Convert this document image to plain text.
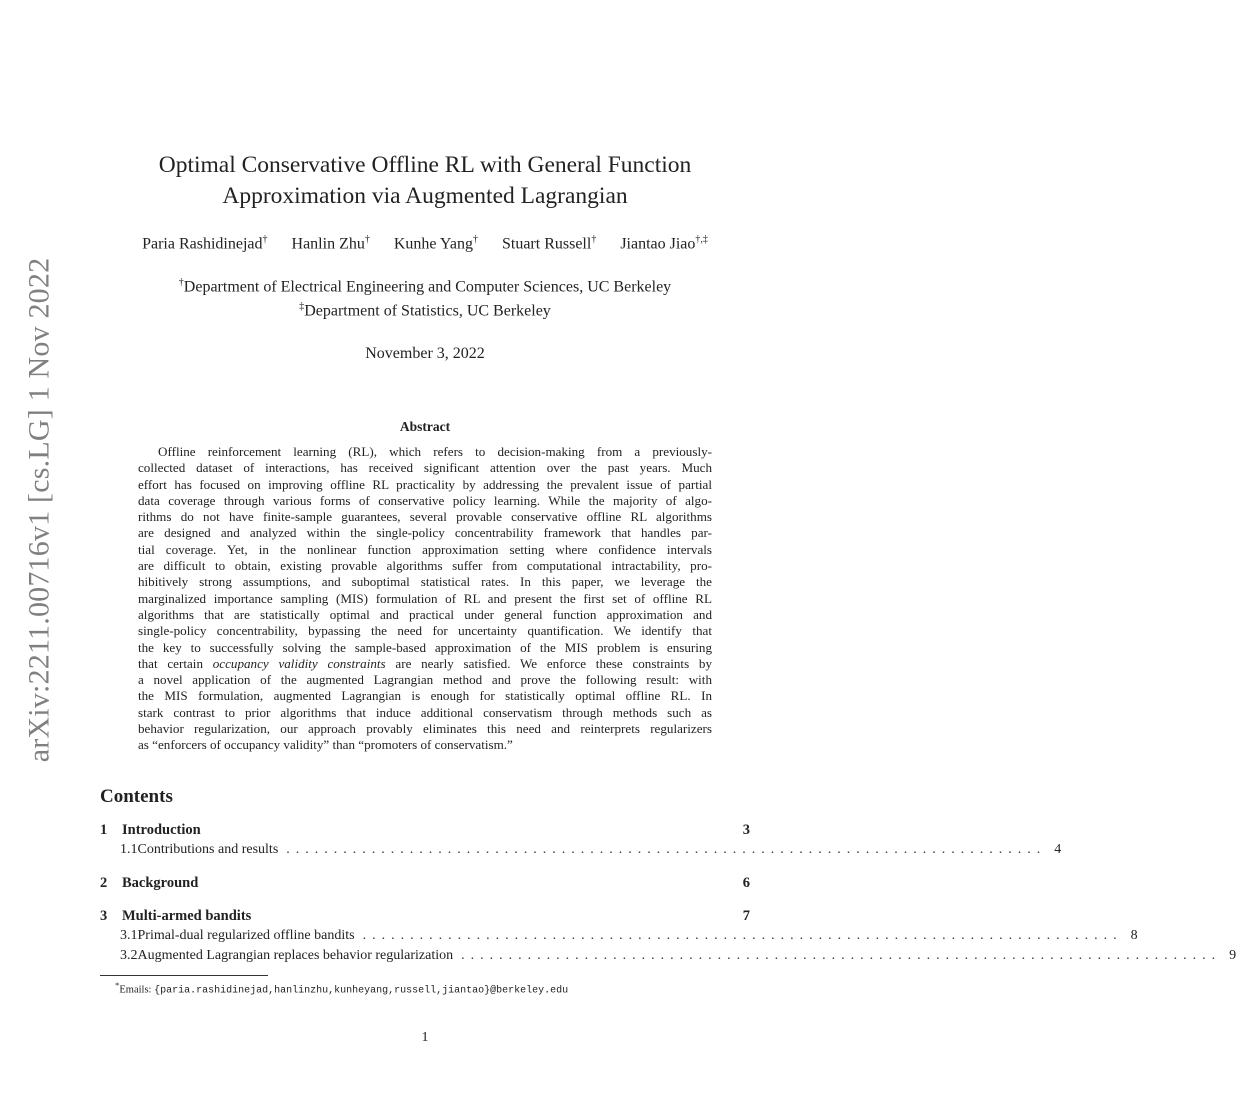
arXiv:2211.00716v1 [cs.LG] 1 Nov 2022
Optimal Conservative Offline RL with General Function
Approximation via Augmented Lagrangian
Paria Rashidinejad† Hanlin Zhu† Kunhe Yang† Stuart Russell† Jiantao Jiao†,‡
†Department of Electrical Engineering and Computer Sciences, UC Berkeley
‡Department of Statistics, UC Berkeley
November 3, 2022
Abstract
Offline reinforcement learning (RL), which refers to decision-making from a previously-
collected dataset of interactions, has received significant attention over the past years. Much
effort has focused on improving offline RL practicality by addressing the prevalent issue of partial
data coverage through various forms of conservative policy learning. While the majority of algo-
rithms do not have finite-sample guarantees, several provable conservative offline RL algorithms
are designed and analyzed within the single-policy concentrability framework that handles par-
tial coverage. Yet, in the nonlinear function approximation setting where confidence intervals
are difficult to obtain, existing provable algorithms suffer from computational intractability, pro-
hibitively strong assumptions, and suboptimal statistical rates. In this paper, we leverage the
marginalized importance sampling (MIS) formulation of RL and present the first set of offline RL
algorithms that are statistically optimal and practical under general function approximation and
single-policy concentrability, bypassing the need for uncertainty quantification. We identify that
the key to successfully solving the sample-based approximation of the MIS problem is ensuring
that certain occupancy validity constraints are nearly satisfied. We enforce these constraints by
a novel application of the augmented Lagrangian method and prove the following result: with
the MIS formulation, augmented Lagrangian is enough for statistically optimal offline RL. In
stark contrast to prior algorithms that induce additional conservatism through methods such as
behavior regularization, our approach provably eliminates this need and reinterprets regularizers
as “enforcers of occupancy validity” than “promoters of conservatism.”
Contents
1	Introduction	3
1.1 Contributions and results ................................................................................ 4
2	Background	6
3	Multi-armed bandits	7
3.1 Primal-dual regularized offline bandits ................................................................................ 8
3.2 Augmented Lagrangian replaces behavior regularization ................................................................................ 9
*Emails: {paria.rashidinejad,hanlinzhu,kunheyang,russell,jiantao}@berkeley.edu
1
